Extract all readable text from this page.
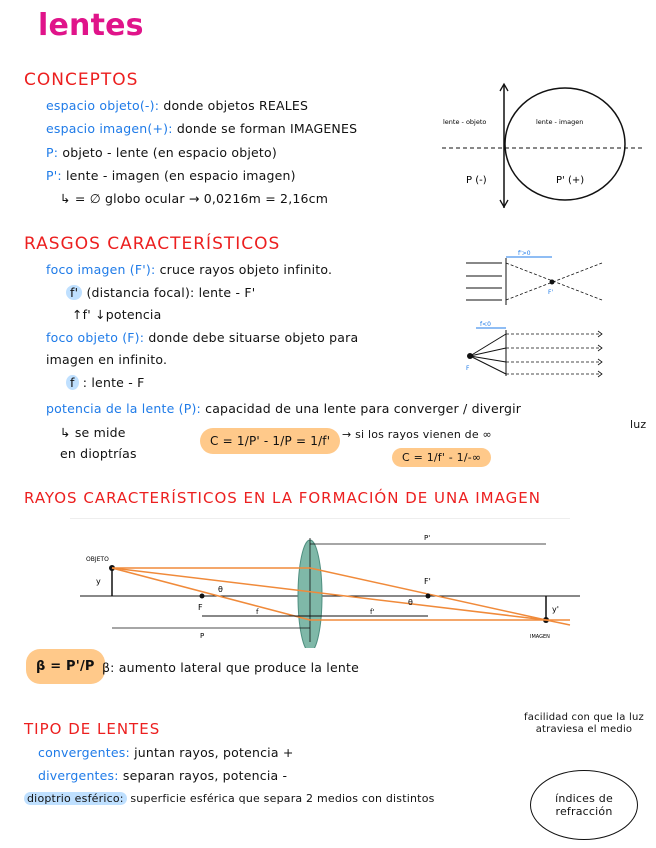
lentes
CONCEPTOS
espacio objeto(-): donde objetos REALES
espacio imagen(+): donde se forman IMAGENES
P: objeto - lente (en espacio objeto)
P': lente - imagen (en espacio imagen)
↳ = ∅ globo ocular → 0,0216m = 2,16cm
lente - objeto	lente - imagen
P (-)	P' (+)
RASGOS CARACTERÍSTICOS
foco imagen (F'): cruce rayos objeto infinito.
f' (distancia focal): lente - F'
↑f' ↓potencia
foco objeto (F): donde debe situarse objeto para
imagen en infinito.
f : lente - F
potencia de la lente (P): capacidad de una lente para converger / divergir
luz
↳ se mide
en dioptrías
C = 1/P' - 1/P = 1/f'	→ si los rayos vienen de ∞
C = 1/f' - 1/-∞
f'>0
F'
f<0
F
RAYOS CARACTERÍSTICOS EN LA FORMACIÓN DE UNA IMAGEN
OBJETO
y
y'
IMAGEN
F
F'
θ
θ
f	f'
P
P'
β = P'/P β: aumento lateral que produce la lente
TIPO DE LENTES
convergentes: juntan rayos, potencia +
divergentes: separan rayos, potencia -
dioptrio esférico: superficie esférica que separa 2 medios con distintos	índices de refracción
facilidad con que la luz atraviesa el medio
